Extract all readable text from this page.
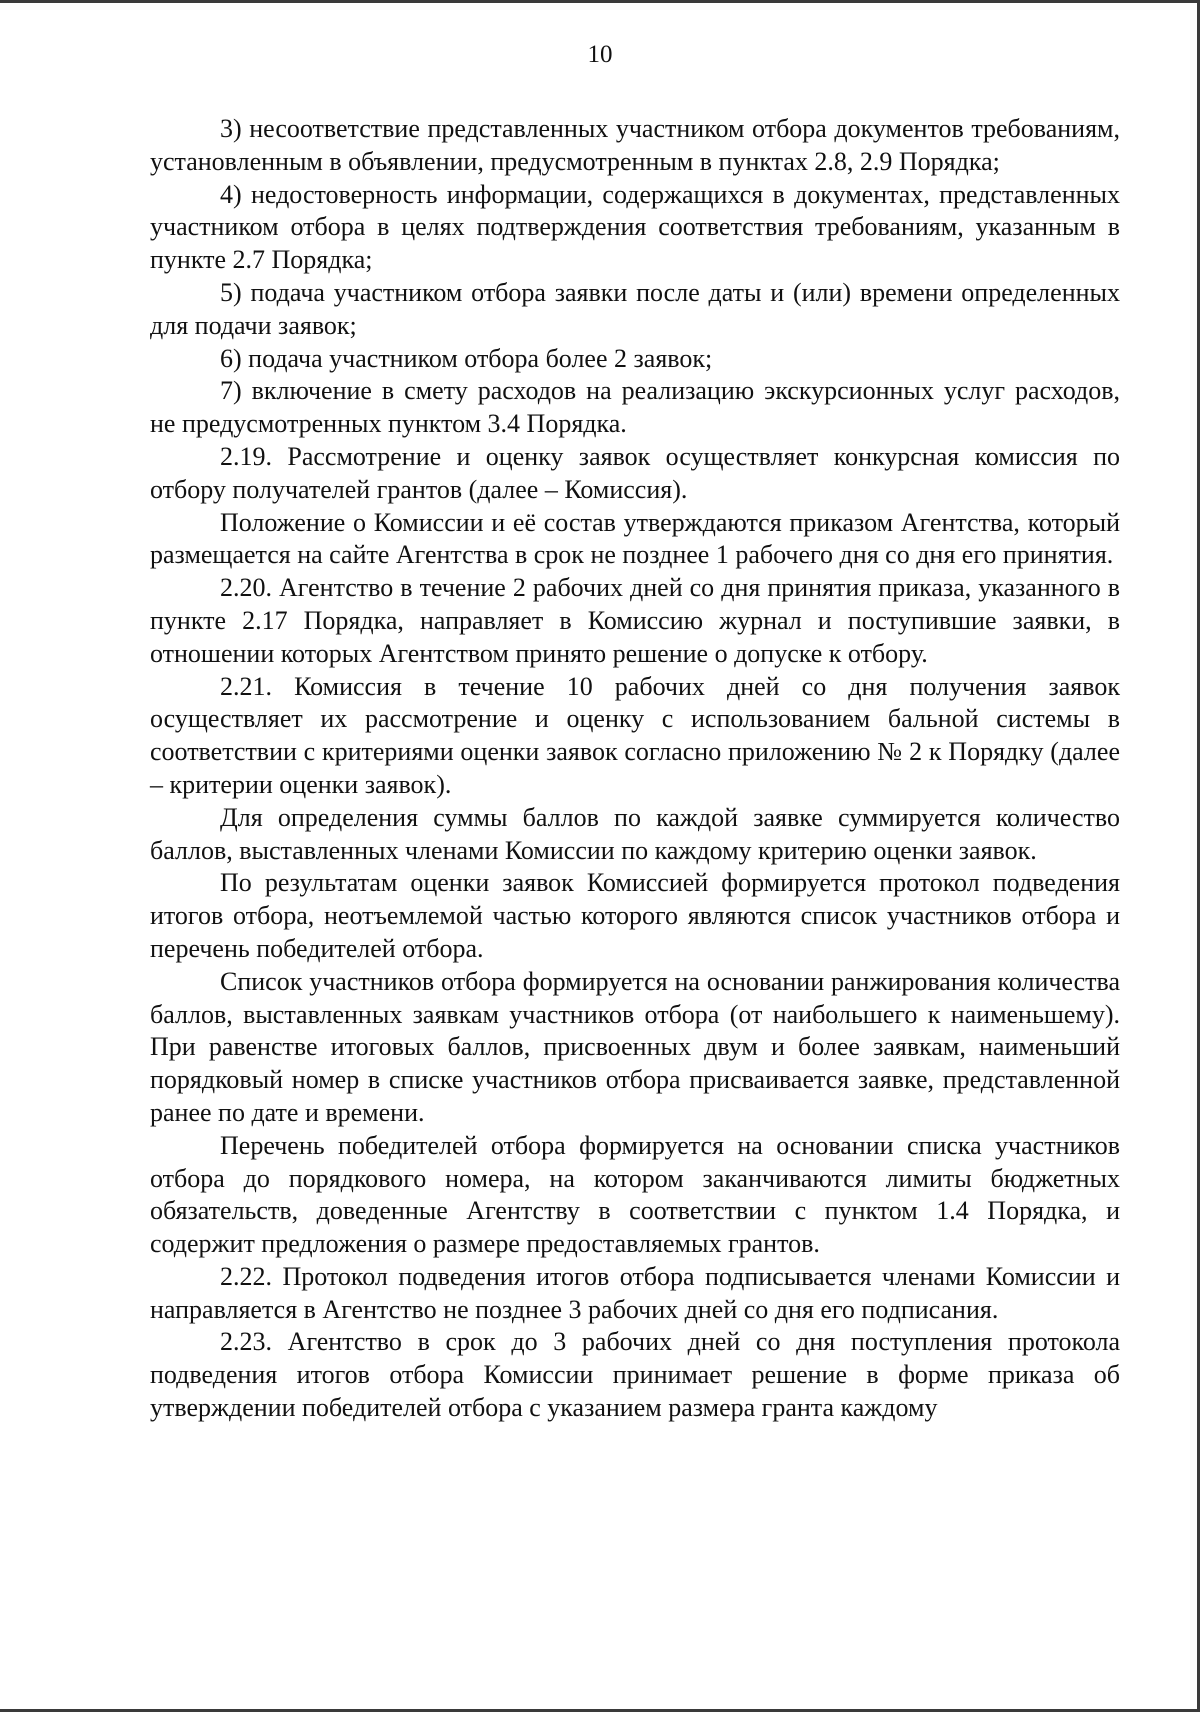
10

3) несоответствие представленных участником отбора документов требованиям, установленным в объявлении, предусмотренным в пунктах 2.8, 2.9 Порядка;

4) недостоверность информации, содержащихся в документах, представленных участником отбора в целях подтверждения соответствия требованиям, указанным в пункте 2.7 Порядка;

5) подача участником отбора заявки после даты и (или) времени определенных для подачи заявок;

6) подача участником отбора более 2 заявок;

7) включение в смету расходов на реализацию экскурсионных услуг расходов, не предусмотренных пунктом 3.4 Порядка.

2.19. Рассмотрение и оценку заявок осуществляет конкурсная комиссия по отбору получателей грантов (далее – Комиссия).

Положение о Комиссии и её состав утверждаются приказом Агентства, который размещается на сайте Агентства в срок не позднее 1 рабочего дня со дня его принятия.

2.20. Агентство в течение 2 рабочих дней со дня принятия приказа, указанного в пункте 2.17 Порядка, направляет в Комиссию журнал и поступившие заявки, в отношении которых Агентством принято решение о допуске к отбору.

2.21. Комиссия в течение 10 рабочих дней со дня получения заявок осуществляет их рассмотрение и оценку с использованием бальной системы в соответствии с критериями оценки заявок согласно приложению № 2 к Порядку (далее – критерии оценки заявок).

Для определения суммы баллов по каждой заявке суммируется количество баллов, выставленных членами Комиссии по каждому критерию оценки заявок.

По результатам оценки заявок Комиссией формируется протокол подведения итогов отбора, неотъемлемой частью которого являются список участников отбора и перечень победителей отбора.

Список участников отбора формируется на основании ранжирования количества баллов, выставленных заявкам участников отбора (от наибольшего к наименьшему). При равенстве итоговых баллов, присвоенных двум и более заявкам, наименьший порядковый номер в списке участников отбора присваивается заявке, представленной ранее по дате и времени.

Перечень победителей отбора формируется на основании списка участников отбора до порядкового номера, на котором заканчиваются лимиты бюджетных обязательств, доведенные Агентству в соответствии с пунктом 1.4 Порядка, и содержит предложения о размере предоставляемых грантов.

2.22. Протокол подведения итогов отбора подписывается членами Комиссии и направляется в Агентство не позднее 3 рабочих дней со дня его подписания.

2.23. Агентство в срок до 3 рабочих дней со дня поступления протокола подведения итогов отбора Комиссии принимает решение в форме приказа об утверждении победителей отбора с указанием размера гранта каждому
